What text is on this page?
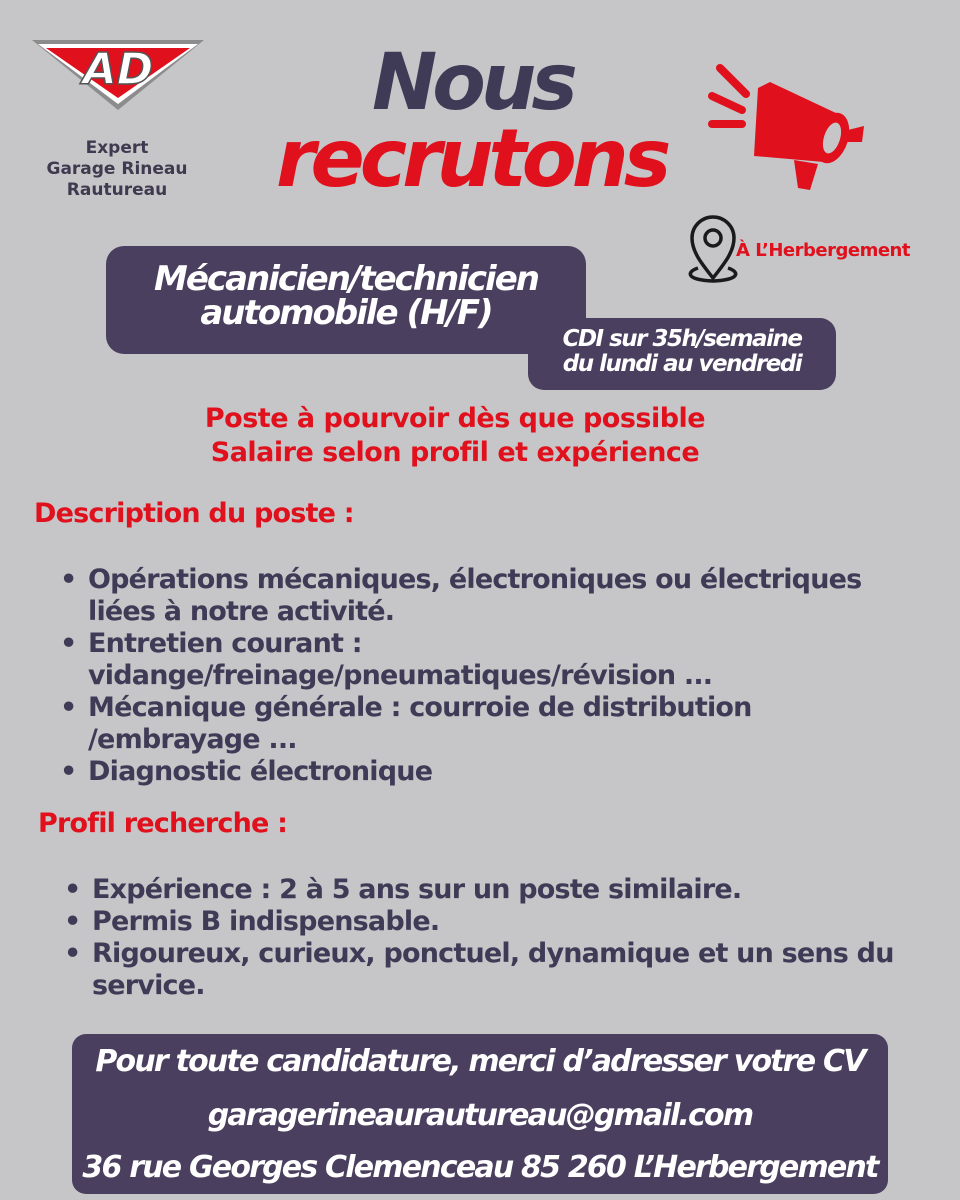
AD
Expert
Garage Rineau
Rautureau
Nous
recrutons
À L’Herbergement
Mécanicien/technicien
automobile (H/F)
CDI sur 35h/semaine
du lundi au vendredi
Poste à pourvoir dès que possible
Salaire selon profil et expérience
Description du poste :
• Opérations mécaniques, électroniques ou électriques liées à notre activité.
• Entretien courant : vidange/freinage/pneumatiques/révision ...
• Mécanique générale : courroie de distribution /embrayage ...
• Diagnostic électronique
Profil recherche :
• Expérience : 2 à 5 ans sur un poste similaire.
• Permis B indispensable.
• Rigoureux, curieux, ponctuel, dynamique et un sens du service.
Pour toute candidature, merci d’adresser votre CV
garagerineaurautureau@gmail.com
36 rue Georges Clemenceau 85 260 L’Herbergement
